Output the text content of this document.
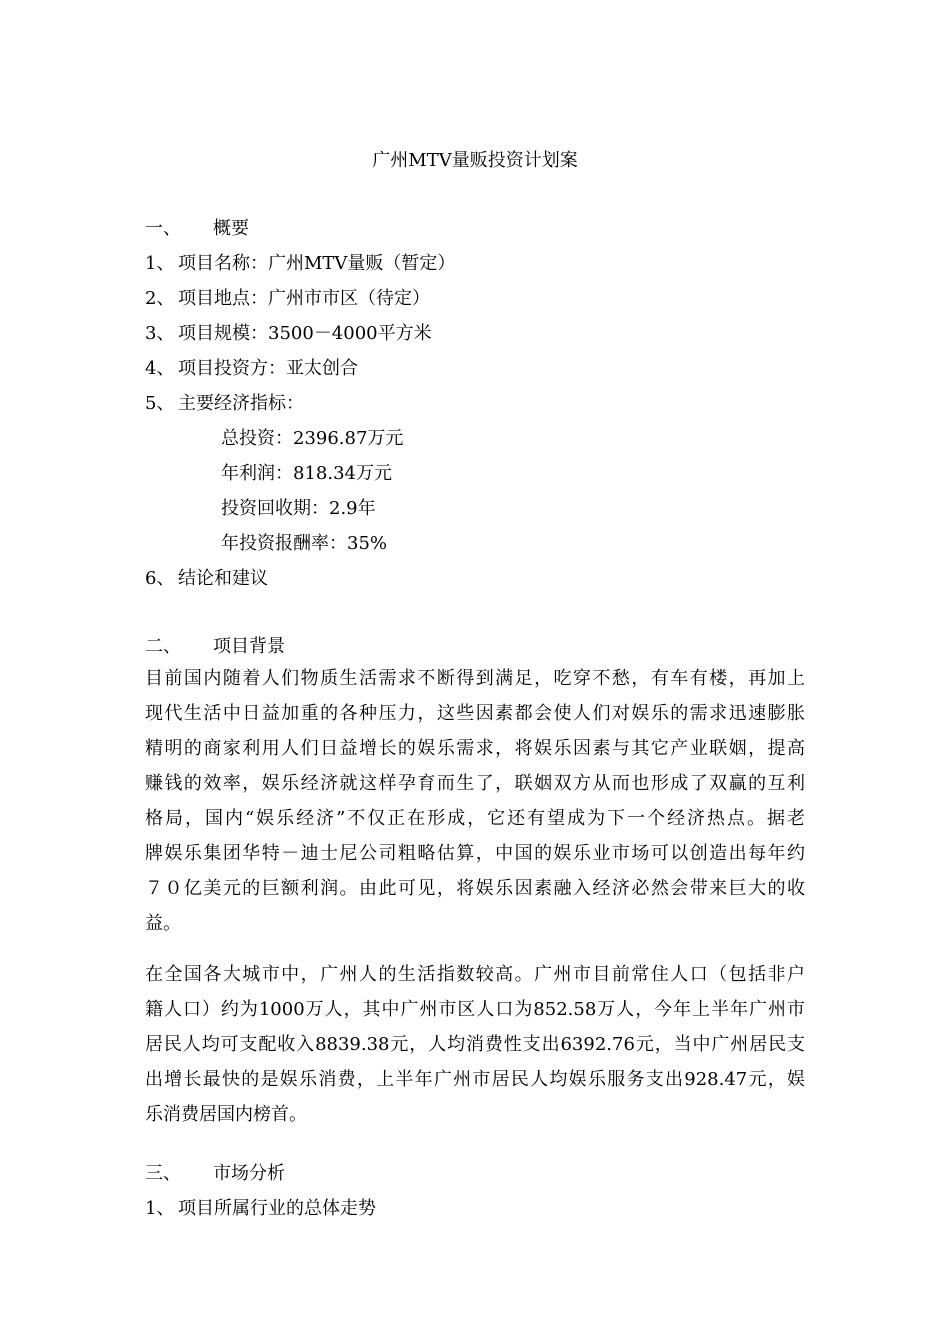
广州MTV量贩投资计划案
一、 概要
1、 项目名称：广州MTV量贩（暂定）
2、 项目地点：广州市市区（待定）
3、 项目规模：3500－4000平方米
4、 项目投资方：亚太创合
5、 主要经济指标：
总投资：2396.87万元
年利润：818.34万元
投资回收期：2.9年
年投资报酬率：35%
6、 结论和建议
二、 项目背景
目前国内随着人们物质生活需求不断得到满足，吃穿不愁，有车有楼，再加上
现代生活中日益加重的各种压力，这些因素都会使人们对娱乐的需求迅速膨胀
精明的商家利用人们日益增长的娱乐需求，将娱乐因素与其它产业联姻，提高
赚钱的效率，娱乐经济就这样孕育而生了，联姻双方从而也形成了双赢的互利
格局，国内“娱乐经济”不仅正在形成，它还有望成为下一个经济热点。据老
牌娱乐集团华特－迪士尼公司粗略估算，中国的娱乐业市场可以创造出每年约
７０亿美元的巨额利润。由此可见，将娱乐因素融入经济必然会带来巨大的收
益。
在全国各大城市中，广州人的生活指数较高。广州市目前常住人口（包括非户
籍人口）约为1000万人，其中广州市区人口为852.58万人，今年上半年广州市
居民人均可支配收入8839.38元，人均消费性支出6392.76元，当中广州居民支
出增长最快的是娱乐消费，上半年广州市居民人均娱乐服务支出928.47元，娱
乐消费居国内榜首。
三、 市场分析
1、 项目所属行业的总体走势
